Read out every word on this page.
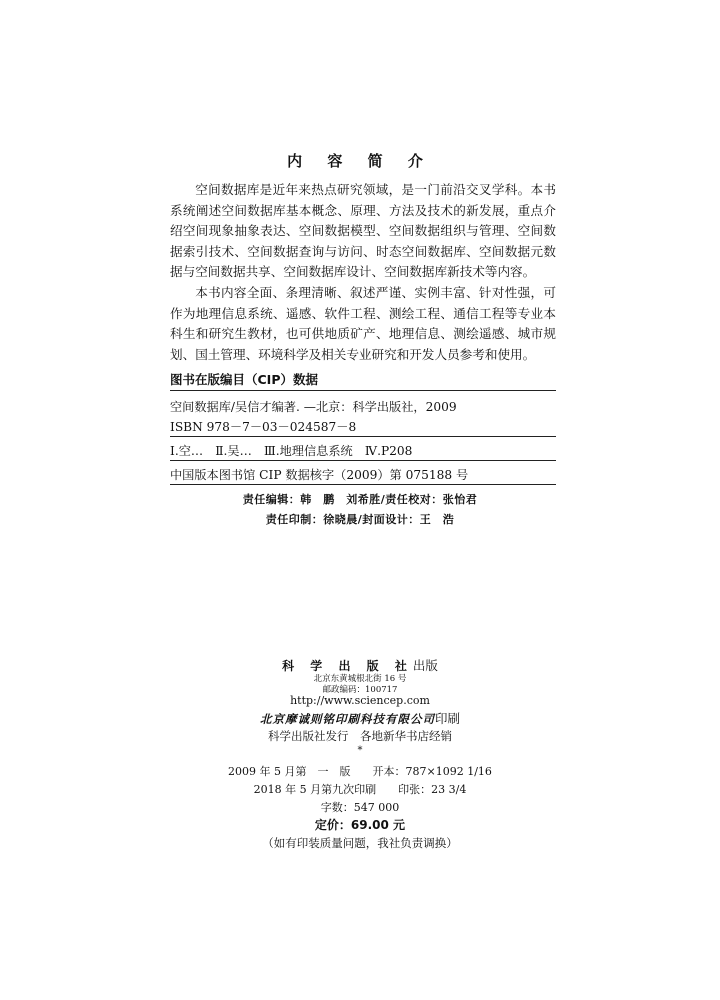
内 容 简 介

空间数据库是近年来热点研究领域，是一门前沿交叉学科。本书系统阐述空间数据库基本概念、原理、方法及技术的新发展，重点介绍空间现象抽象表达、空间数据模型、空间数据组织与管理、空间数据索引技术、空间数据查询与访问、时态空间数据库、空间数据元数据与空间数据共享、空间数据库设计、空间数据库新技术等内容。

本书内容全面、条理清晰、叙述严谨、实例丰富、针对性强，可作为地理信息系统、遥感、软件工程、测绘工程、通信工程等专业本科生和研究生教材，也可供地质矿产、地理信息、测绘遥感、城市规划、国土管理、环境科学及相关专业研究和开发人员参考和使用。

图书在版编目（CIP）数据
空间数据库/吴信才编著. —北京：科学出版社，2009
ISBN 978－7－03－024587－8
Ⅰ.空…　Ⅱ.吴…　Ⅲ.地理信息系统　Ⅳ.P208
中国版本图书馆 CIP 数据核字（2009）第 075188 号
责任编辑：韩　鹏　刘希胜/责任校对：张怡君
责任印制：徐晓晨/封面设计：王　浩
科 学 出 版 社出版
北京东黄城根北街 16 号
邮政编码：100717
http://www.sciencep.com
北京摩诚则铭印刷科技有限公司印刷
科学出版社发行　各地新华书店经销
*
2009 年 5 月第　一　版　　开本：787×1092 1/16
2018 年 5 月第九次印刷　　印张：23 3/4
字数：547 000
定价：69.00 元
（如有印装质量问题，我社负责调换）
